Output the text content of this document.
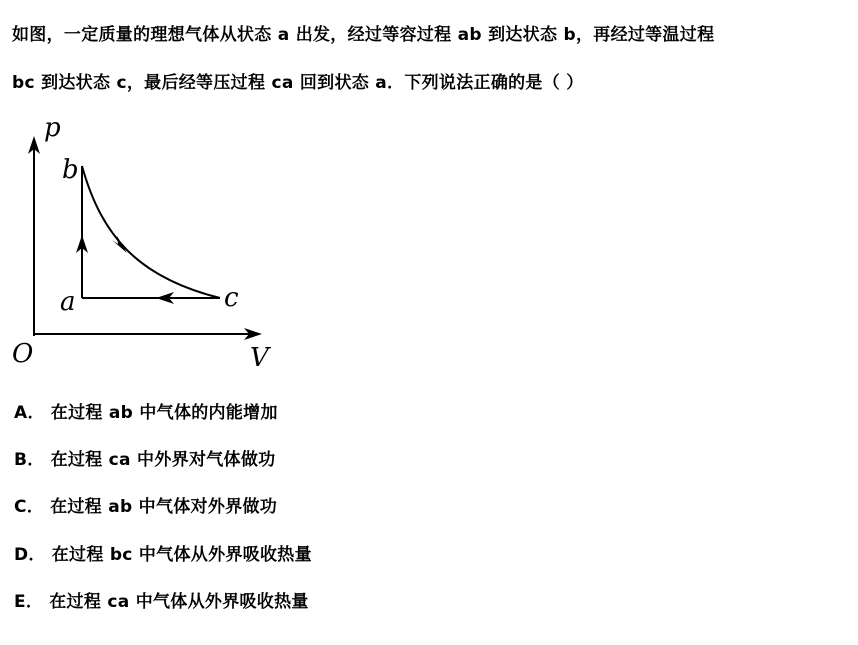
如图，一定质量的理想气体从状态 a 出发，经过等容过程 ab 到达状态 b，再经过等温过程
bc 到达状态 c，最后经等压过程 ca 回到状态 a．下列说法正确的是（ ）
p
V
O
a
b
c
A． 在过程 ab 中气体的内能增加
B． 在过程 ca 中外界对气体做功
C． 在过程 ab 中气体对外界做功
D． 在过程 bc 中气体从外界吸收热量
E． 在过程 ca 中气体从外界吸收热量
